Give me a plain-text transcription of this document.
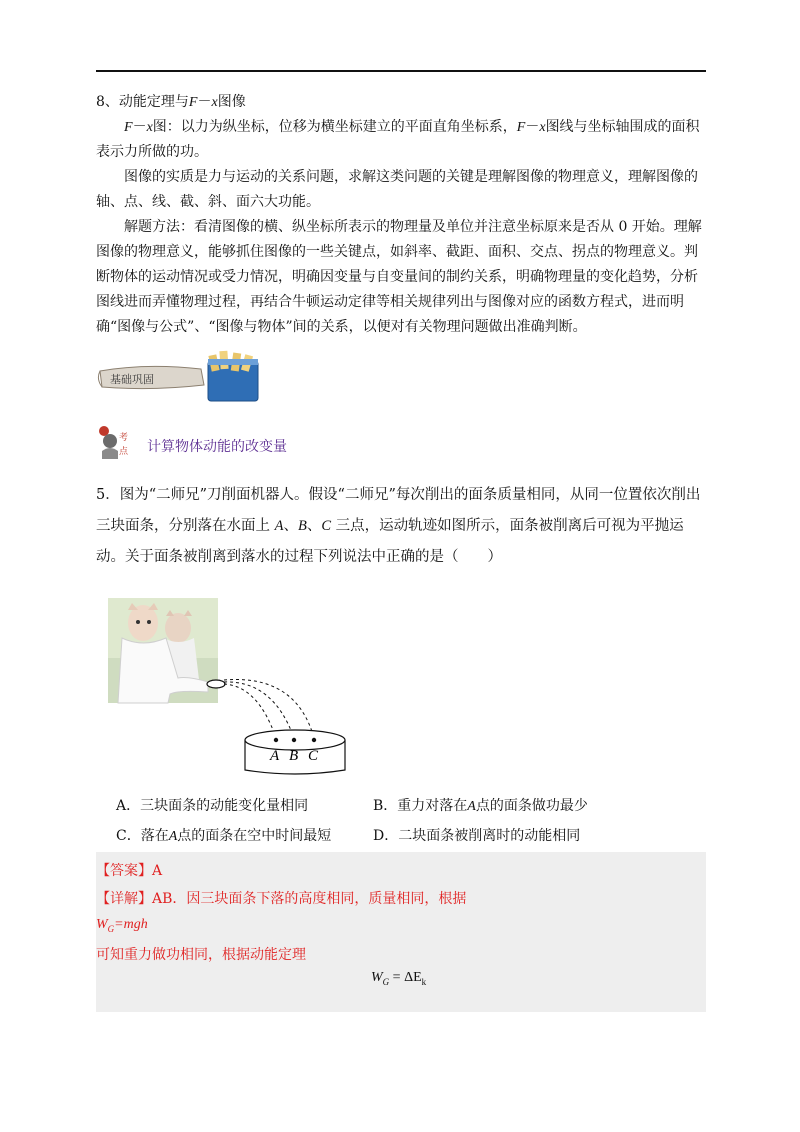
8、动能定理与F－x图像

F－x图：以力为纵坐标，位移为横坐标建立的平面直角坐标系，F－x图线与坐标轴围成的面积表示力所做的功。

图像的实质是力与运动的关系问题，求解这类问题的关键是理解图像的物理意义，理解图像的轴、点、线、截、斜、面六大功能。

解题方法：看清图像的横、纵坐标所表示的物理量及单位并注意坐标原来是否从 0 开始。理解图像的物理意义，能够抓住图像的一些关键点，如斜率、截距、面积、交点、拐点的物理意义。判断物体的运动情况或受力情况，明确因变量与自变量间的制约关系，明确物理量的变化趋势，分析图线进而弄懂物理过程，再结合牛顿运动定律等相关规律列出与图像对应的函数方程式，进而明确“图像与公式”、“图像与物体”间的关系，以便对有关物理问题做出准确判断。

基础巩固
考
点 计算物体动能的改变量
5．图为“二师兄”刀削面机器人。假设“二师兄”每次削出的面条质量相同，从同一位置依次削出三块面条，分别落在水面上 A、B、C 三点，运动轨迹如图所示，面条被削离后可视为平抛运动。关于面条被削离到落水的过程下列说法中正确的是（　　）
A B C
A．三块面条的动能变化量相同	B．重力对落在A点的面条做功最少
C．落在A点的面条在空中时间最短	D．二块面条被削离时的动能相同
【答案】A
【详解】AB．因三块面条下落的高度相同，质量相同，根据
$W_G=mgh$
可知重力做功相同，根据动能定理
$W_G = \Delta E_k$
